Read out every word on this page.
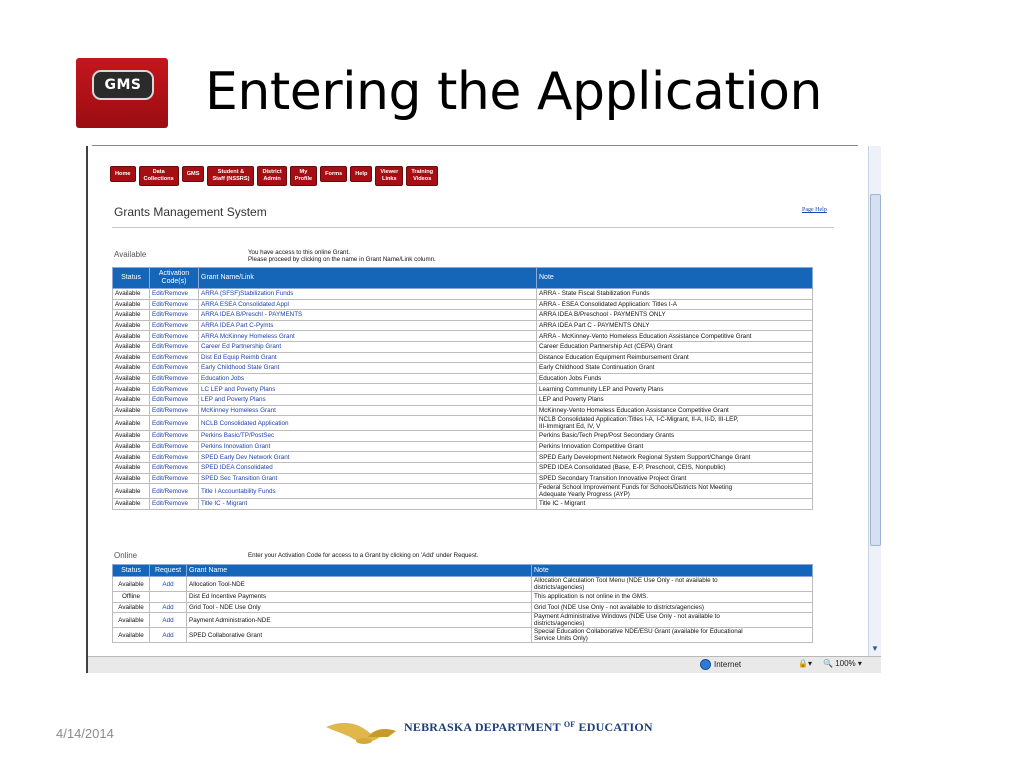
GMS Entering the Application
Home	Data
Collections
GMS	Student &
Staff (NSSRS)
District
Admin
My
Profile
Forms	Help	Viewer
Links
Training
Videos
Grants Management System	Page Help
Available	You have access to this online Grant.
Please proceed by clicking on the name in Grant Name/Link column.
Status	Activation
Code(s)	Grant Name/Link	Note
Available	Edit/Remove	ARRA (SFSF)Stabilization Funds	ARRA - State Fiscal Stabilization Funds
Available	Edit/Remove	ARRA ESEA Consolidated Appl	ARRA - ESEA Consolidated Application: Titles I-A
Available	Edit/Remove	ARRA IDEA B/Preschl - PAYMENTS	ARRA IDEA B/Preschool - PAYMENTS ONLY
Available	Edit/Remove	ARRA IDEA Part C-Pymts	ARRA IDEA Part C - PAYMENTS ONLY
Available	Edit/Remove	ARRA McKinney Homeless Grant	ARRA - McKinney-Vento Homeless Education Assistance Competitive Grant
Available	Edit/Remove	Career Ed Partnership Grant	Career Education Partnership Act (CEPA) Grant
Available	Edit/Remove	Dist Ed Equip Reimb Grant	Distance Education Equipment Reimbursement Grant
Available	Edit/Remove	Early Childhood State Grant	Early Childhood State Continuation Grant
Available	Edit/Remove	Education Jobs	Education Jobs Funds
Available	Edit/Remove	LC LEP and Poverty Plans	Learning Community LEP and Poverty Plans
Available	Edit/Remove	LEP and Poverty Plans	LEP and Poverty Plans
Available	Edit/Remove	McKinney Homeless Grant	McKinney-Vento Homeless Education Assistance Competitive Grant
Available	Edit/Remove	NCLB Consolidated Application	NCLB Consolidated Application:Titles I-A, I-C-Migrant, II-A, II-D, III-LEP,
III-Immigrant Ed, IV, V
Available	Edit/Remove	Perkins Basic/TP/PostSec	Perkins Basic/Tech Prep/Post Secondary Grants
Available	Edit/Remove	Perkins Innovation Grant	Perkins Innovation Competitive Grant
Available	Edit/Remove	SPED Early Dev Network Grant	SPED Early Development Network Regional System Support/Change Grant
Available	Edit/Remove	SPED IDEA Consolidated	SPED IDEA Consolidated (Base, E-P, Preschool, CEIS, Nonpublic)
Available	Edit/Remove	SPED Sec Transition Grant	SPED Secondary Transition Innovative Project Grant
Available	Edit/Remove	Title I Accountability Funds	Federal School Improvement Funds for Schools/Districts Not Meeting
Adequate Yearly Progress (AYP)
Available	Edit/Remove	Title IC - Migrant	Title IC - Migrant
Online	Enter your Activation Code for access to a Grant by clicking on 'Add' under Request.
Status	Request	Grant Name	Note
Available	Add	Allocation Tool-NDE	Allocation Calculation Tool Menu (NDE Use Only - not available to
districts/agencies)
Offline		Dist Ed Incentive Payments	This application is not online in the GMS.
Available	Add	Grid Tool - NDE Use Only	Grid Tool (NDE Use Only - not available to districts/agencies)
Available	Add	Payment Administration-NDE	Payment Administrative Windows (NDE Use Only - not available to
districts/agencies)
Available	Add	SPED Collaborative Grant	Special Education Collaborative NDE/ESU Grant (available for Educational
Service Units Only)
▼
Internet	🔒▾ 🔍 100% ▾
4/14/2014	NEBRASKA DEPARTMENT $^{OF}$ EDUCATION
